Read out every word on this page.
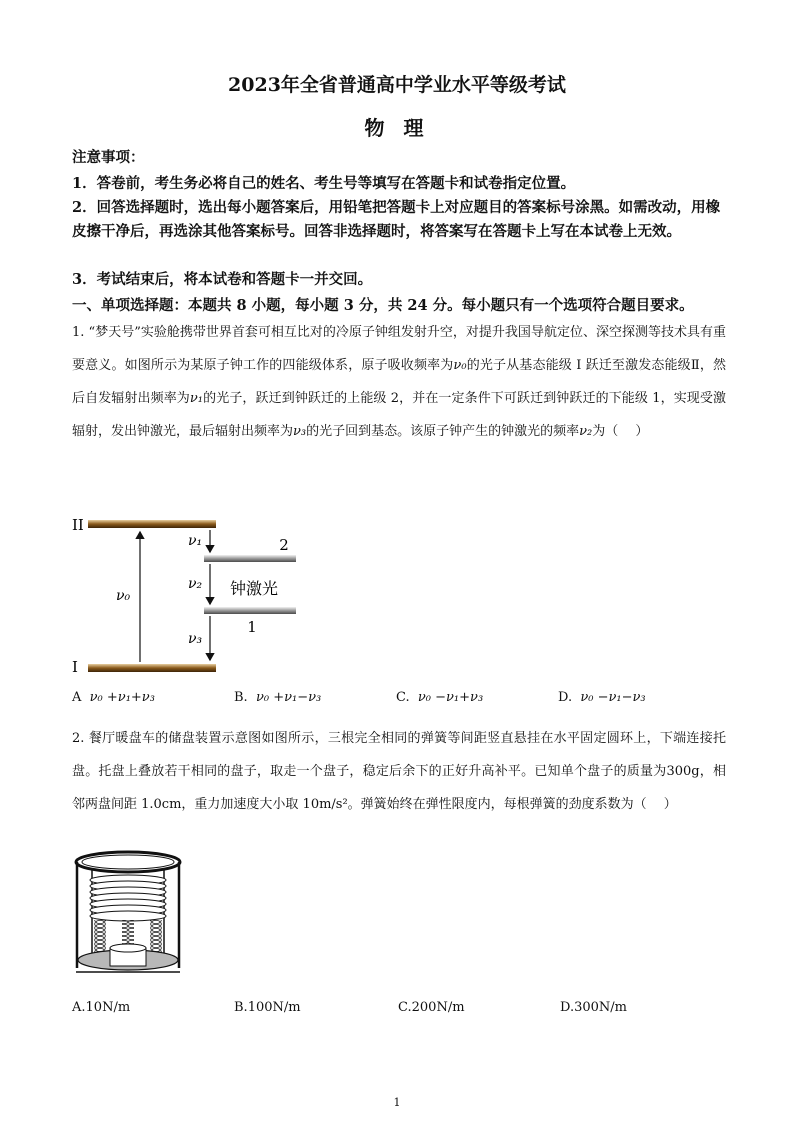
2023年全省普通高中学业水平等级考试
物 理
注意事项：
1．答卷前，考生务必将自己的姓名、考生号等填写在答题卡和试卷指定位置。
2．回答选择题时，选出每小题答案后，用铅笔把答题卡上对应题目的答案标号涂黑。如需改动，用橡皮擦干净后，再选涂其他答案标号。回答非选择题时，将答案写在答题卡上写在本试卷上无效。
3．考试结束后，将本试卷和答题卡一并交回。
一、单项选择题：本题共 8 小题，每小题 3 分，共 24 分。每小题只有一个选项符合题目要求。
1. “梦天号”实验舱携带世界首套可相互比对的冷原子钟组发射升空，对提升我国导航定位、深空探测等技术具有重要意义。如图所示为某原子钟工作的四能级体系，原子吸收频率为ν₀的光子从基态能级 I 跃迁至激发态能级Ⅱ，然后自发辐射出频率为ν₁的光子，跃迁到钟跃迁的上能级 2，并在一定条件下可跃迁到钟跃迁的下能级 1，实现受激辐射，发出钟激光，最后辐射出频率为ν₃的光子回到基态。该原子钟产生的钟激光的频率ν₂为（　 ）
II
2
钟激光
1
I
ν₀
ν₁
ν₂
ν₃
A ν₀ +ν₁+ν₃	B. ν₀ +ν₁−ν₃	C. ν₀ −ν₁+ν₃	D. ν₀ −ν₁−ν₃
2. 餐厅暖盘车的储盘装置示意图如图所示，三根完全相同的弹簧等间距竖直悬挂在水平固定圆环上，下端连接托盘。托盘上叠放若干相同的盘子，取走一个盘子，稳定后余下的正好升高补平。已知单个盘子的质量为300g，相邻两盘间距 1.0cm，重力加速度大小取 10m/s²。弹簧始终在弹性限度内，每根弹簧的劲度系数为（　 ）
A.10N/m	B.100N/m	C.200N/m	D.300N/m
1
